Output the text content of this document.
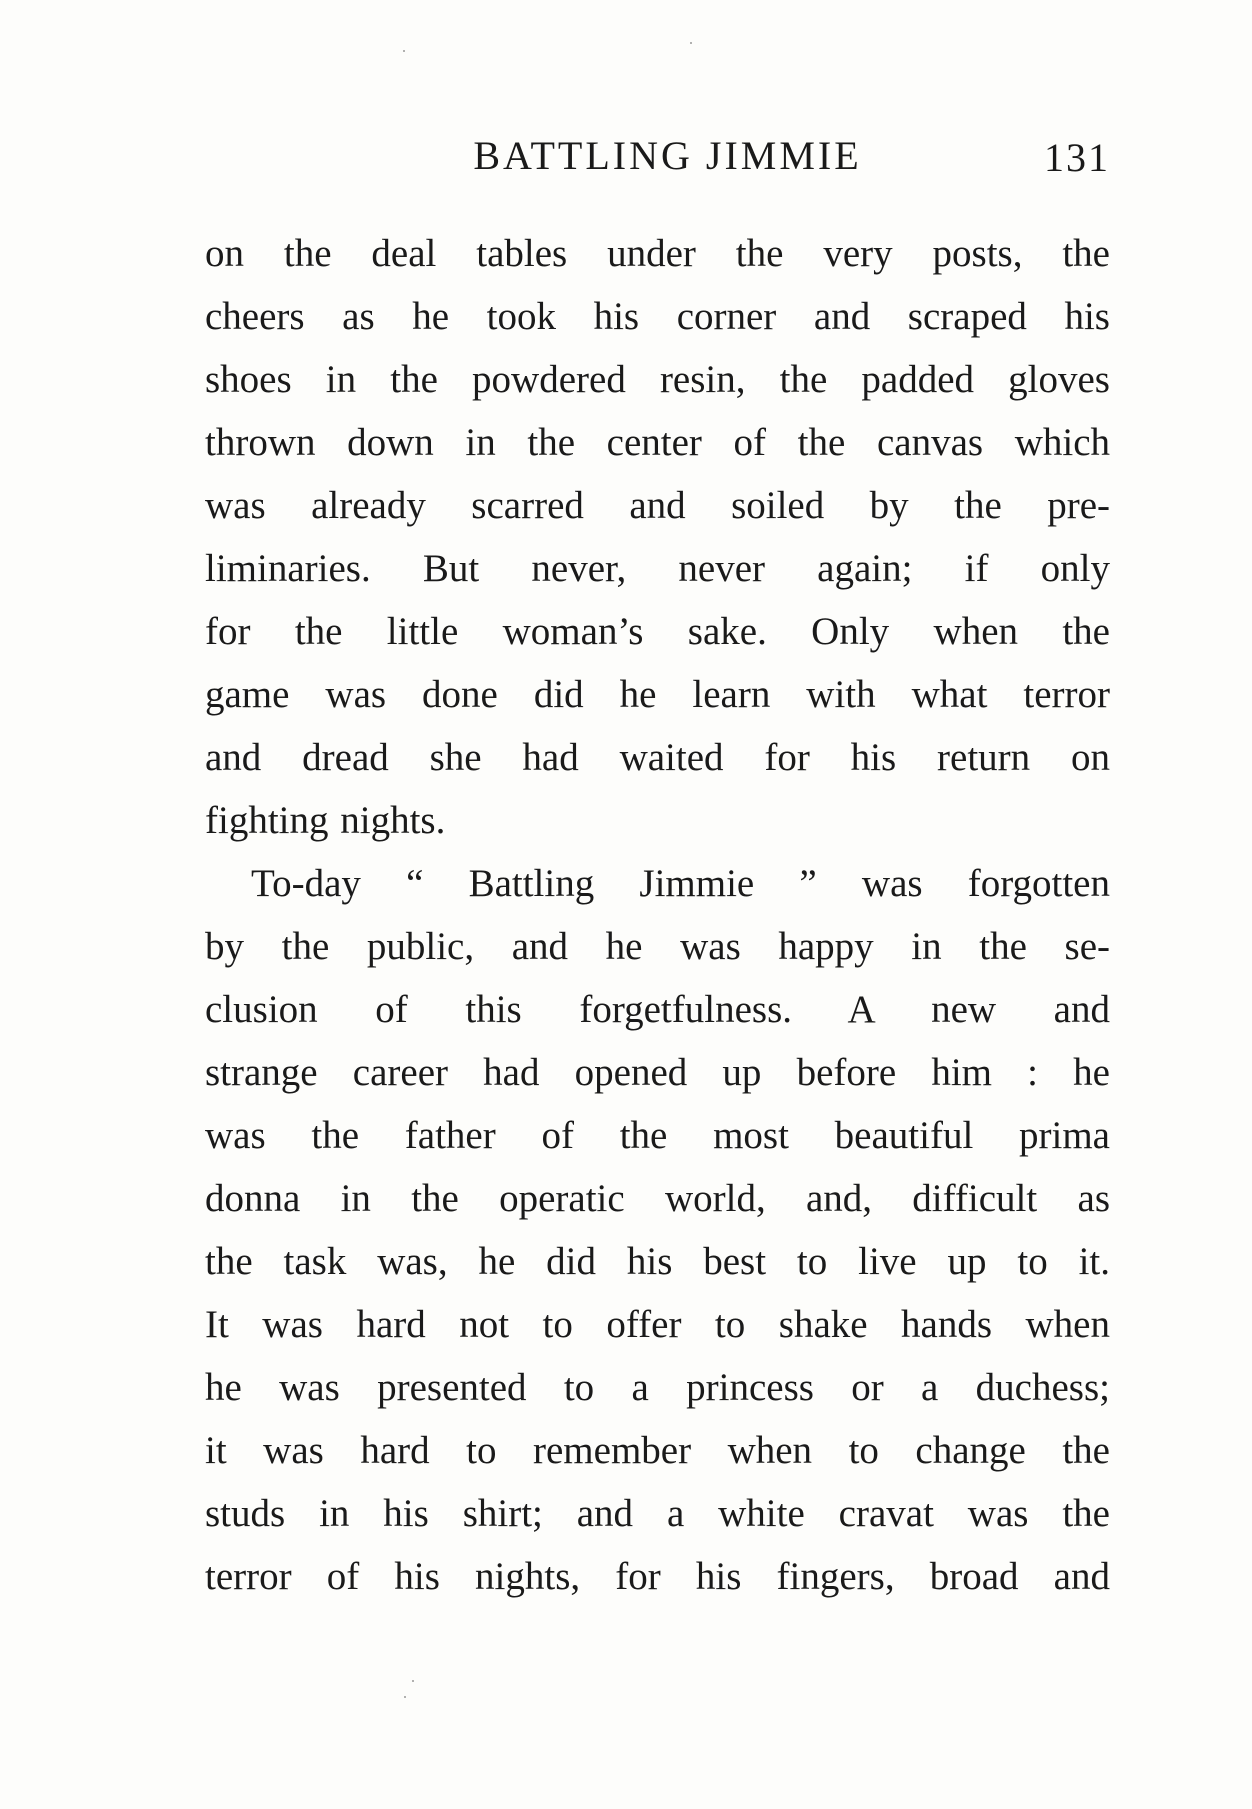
BATTLING JIMMIE	131
on the deal tables under the very posts, the
cheers as he took his corner and scraped his
shoes in the powdered resin, the padded gloves
thrown down in the center of the canvas which
was already scarred and soiled by the pre-
liminaries. But never, never again; if only
for the little woman’s sake. Only when the
game was done did he learn with what terror
and dread she had waited for his return on
fighting nights.
To-day “ Battling Jimmie ” was forgotten
by the public, and he was happy in the se-
clusion of this forgetfulness. A new and
strange career had opened up before him : he
was the father of the most beautiful prima
donna in the operatic world, and, difficult as
the task was, he did his best to live up to it.
It was hard not to offer to shake hands when
he was presented to a princess or a duchess;
it was hard to remember when to change the
studs in his shirt; and a white cravat was the
terror of his nights, for his fingers, broad and
